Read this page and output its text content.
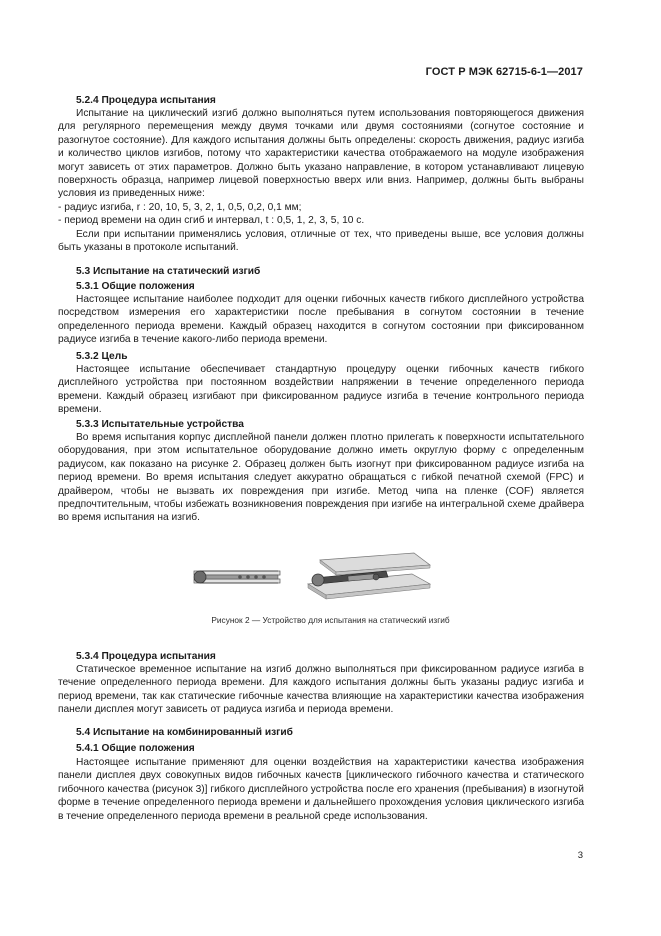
ГОСТ Р МЭК 62715-6-1—2017
5.2.4 Процедура испытания

Испытание на циклический изгиб должно выполняться путем использования повторяющегося движения для регулярного перемещения между двумя точками или двумя состояниями (согнутое состояние и разогнутое состояние). Для каждого испытания должны быть определены: скорость движения, радиус изгиба и количество циклов изгибов, потому что характеристики качества отображаемого на модуле изображения могут зависеть от этих параметров. Должно быть указано направление, в котором устанавливают лицевую поверхность образца, например лицевой поверхностью вверх или вниз. Например, должны быть выбраны условия из приведенных ниже:

- радиус изгиба, r : 20, 10, 5, 3, 2, 1, 0,5, 0,2, 0,1 мм;

- период времени на один сгиб и интервал, t : 0,5, 1, 2, 3, 5, 10 с.

Если при испытании применялись условия, отличные от тех, что приведены выше, все условия должны быть указаны в протоколе испытаний.

5.3 Испытание на статический изгиб
5.3.1 Общие положения

Настоящее испытание наиболее подходит для оценки гибочных качеств гибкого дисплейного устройства посредством измерения его характеристики после пребывания в согнутом состоянии в течение определенного периода времени. Каждый образец находится в согнутом состоянии при фиксированном радиусе изгиба в течение какого-либо периода времени.

5.3.2 Цель

Настоящее испытание обеспечивает стандартную процедуру оценки гибочных качеств гибкого дисплейного устройства при постоянном воздействии напряжении в течение определенного периода времени. Каждый образец изгибают при фиксированном радиусе изгиба в течение контрольного периода времени.

5.3.3 Испытательные устройства

Во время испытания корпус дисплейной панели должен плотно прилегать к поверхности испытательного оборудования, при этом испытательное оборудование должно иметь округлую форму с определенным радиусом, как показано на рисунке 2. Образец должен быть изогнут при фиксированном радиусе изгиба на период времени. Во время испытания следует аккуратно обращаться с гибкой печатной схемой (FPC) и драйвером, чтобы не вызвать их повреждения при изгибе. Метод чипа на пленке (COF) является предпочтительным, чтобы избежать возникновения повреждения при изгибе на интегральной схеме драйвера во время испытания на изгиб.

Рисунок 2 — Устройство для испытания на статический изгиб
5.3.4 Процедура испытания

Статическое временное испытание на изгиб должно выполняться при фиксированном радиусе изгиба в течение определенного периода времени. Для каждого испытания должны быть указаны радиус изгиба и период времени, так как статические гибочные качества влияющие на характеристики качества изображения панели дисплея могут зависеть от радиуса изгиба и периода времени.

5.4 Испытание на комбинированный изгиб
5.4.1 Общие положения

Настоящее испытание применяют для оценки воздействия на характеристики качества изображения панели дисплея двух совокупных видов гибочных качеств [циклического гибочного качества и статического гибочного качества (рисунок 3)] гибкого дисплейного устройства после его хранения (пребывания) в изогнутой форме в течение определенного периода времени и дальнейшего прохождения условия циклического изгиба в течение определенного периода времени в реальной среде использования.

3
